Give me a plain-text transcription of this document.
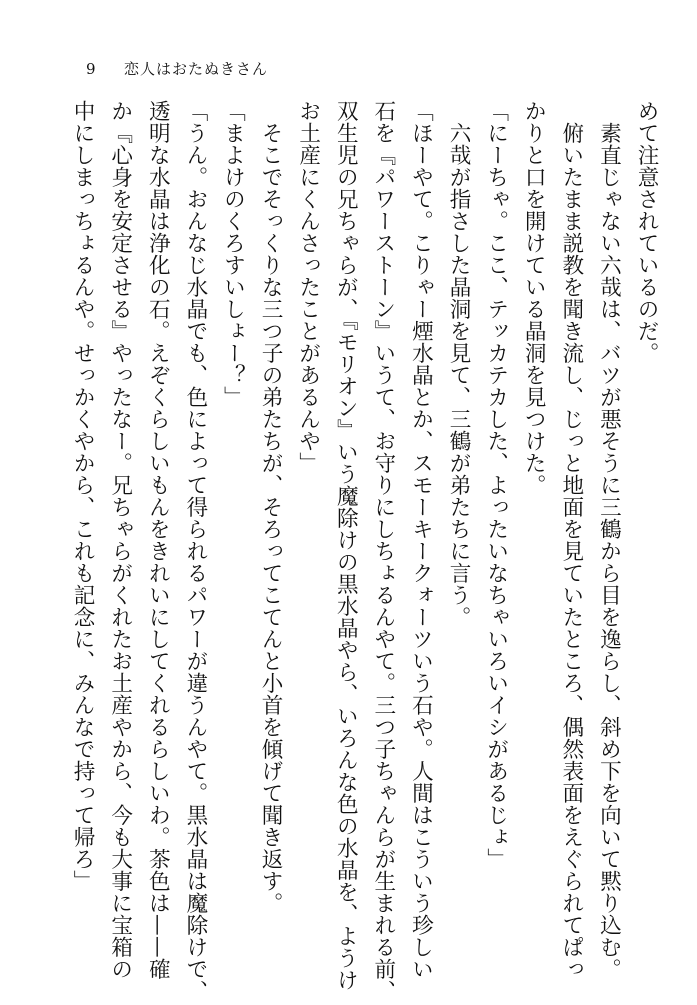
9 恋人はおたぬきさん
めて注意されているのだ。
　素直じゃない六哉は、バツが悪そうに三鶴から目を逸らし、斜め下を向いて黙り込む。
　俯いたまま説教を聞き流し、じっと地面を見ていたところ、偶然表面をえぐられてぱっ
かりと口を開けている晶洞を見つけた。
「にーちゃ。ここ、テッカテカした、よったいなちゃいろいイシがあるじょ」
　六哉が指さした晶洞を見て、三鶴が弟たちに言う。
「ほーやて。こりゃー煙水晶とか、スモーキークォーツいう石や。人間はこういう珍しい
石を『パワーストーン』いうて、お守りにしちょるんやて。三つ子ちゃんらが生まれる前、
双生児の兄ちゃらが、『モリオン』いう魔除けの黒水晶やら、いろんな色の水晶を、ようけ
お土産にくんさったことがあるんや」
　そこでそっくりな三つ子の弟たちが、そろってこてんと小首を傾げて聞き返す。
「まよけのくろすいしょー？」
「うん。おんなじ水晶でも、色によって得られるパワーが違うんやて。黒水晶は魔除けで、
透明な水晶は浄化の石。えぞくらしいもんをきれいにしてくれるらしいわ。茶色は——確
か『心身を安定させる』やったなー。兄ちゃらがくれたお土産やから、今も大事に宝箱の
中にしまっちょるんや。せっかくやから、これも記念に、みんなで持って帰ろ」
